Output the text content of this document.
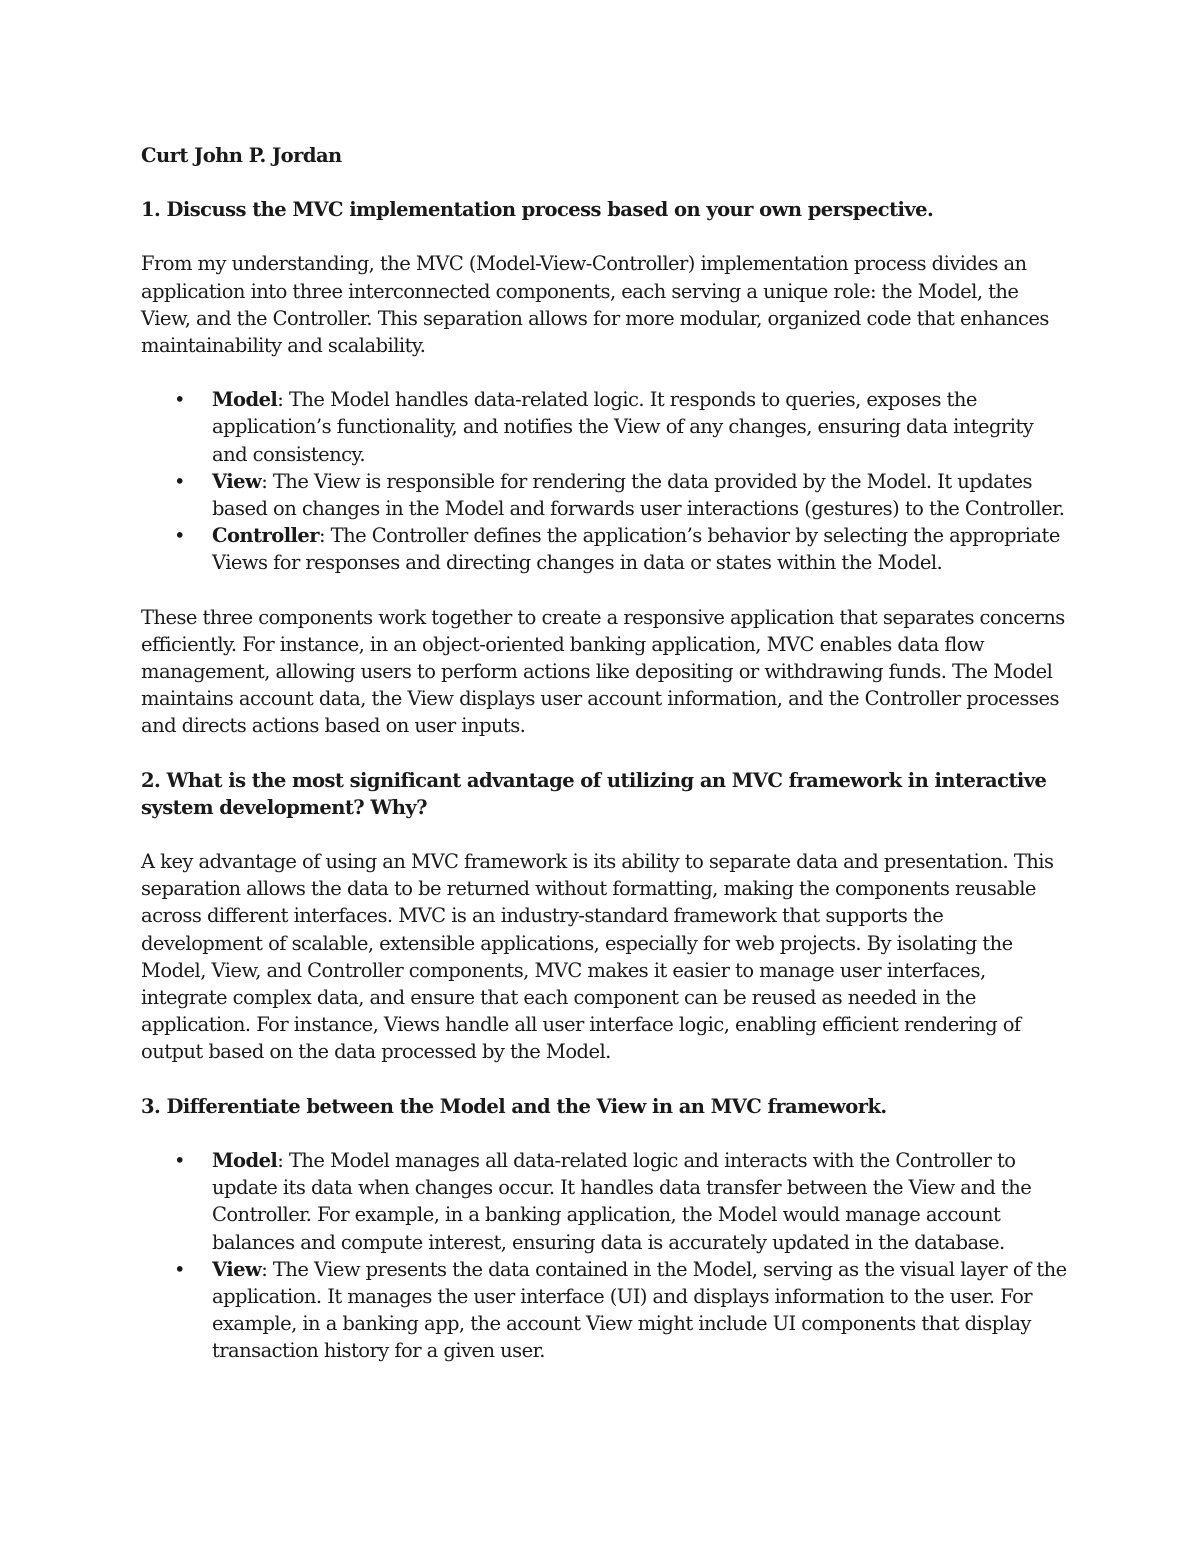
Curt John P. Jordan
1. Discuss the MVC implementation process based on your own perspective.

From my understanding, the MVC (Model-View-Controller) implementation process divides an application into three interconnected components, each serving a unique role: the Model, the View, and the Controller. This separation allows for more modular, organized code that enhances maintainability and scalability.

• Model: The Model handles data-related logic. It responds to queries, exposes the application’s functionality, and notifies the View of any changes, ensuring data integrity and consistency.
• View: The View is responsible for rendering the data provided by the Model. It updates based on changes in the Model and forwards user interactions (gestures) to the Controller.
• Controller: The Controller defines the application’s behavior by selecting the appropriate Views for responses and directing changes in data or states within the Model.

These three components work together to create a responsive application that separates concerns efficiently. For instance, in an object-oriented banking application, MVC enables data flow management, allowing users to perform actions like depositing or withdrawing funds. The Model maintains account data, the View displays user account information, and the Controller processes and directs actions based on user inputs.

2. What is the most significant advantage of utilizing an MVC framework in interactive system development? Why?

A key advantage of using an MVC framework is its ability to separate data and presentation. This separation allows the data to be returned without formatting, making the components reusable across different interfaces. MVC is an industry-standard framework that supports the development of scalable, extensible applications, especially for web projects. By isolating the Model, View, and Controller components, MVC makes it easier to manage user interfaces, integrate complex data, and ensure that each component can be reused as needed in the application. For instance, Views handle all user interface logic, enabling efficient rendering of output based on the data processed by the Model.

3. Differentiate between the Model and the View in an MVC framework.
• Model: The Model manages all data-related logic and interacts with the Controller to update its data when changes occur. It handles data transfer between the View and the Controller. For example, in a banking application, the Model would manage account balances and compute interest, ensuring data is accurately updated in the database.
• View: The View presents the data contained in the Model, serving as the visual layer of the application. It manages the user interface (UI) and displays information to the user. For example, in a banking app, the account View might include UI components that display transaction history for a given user.
